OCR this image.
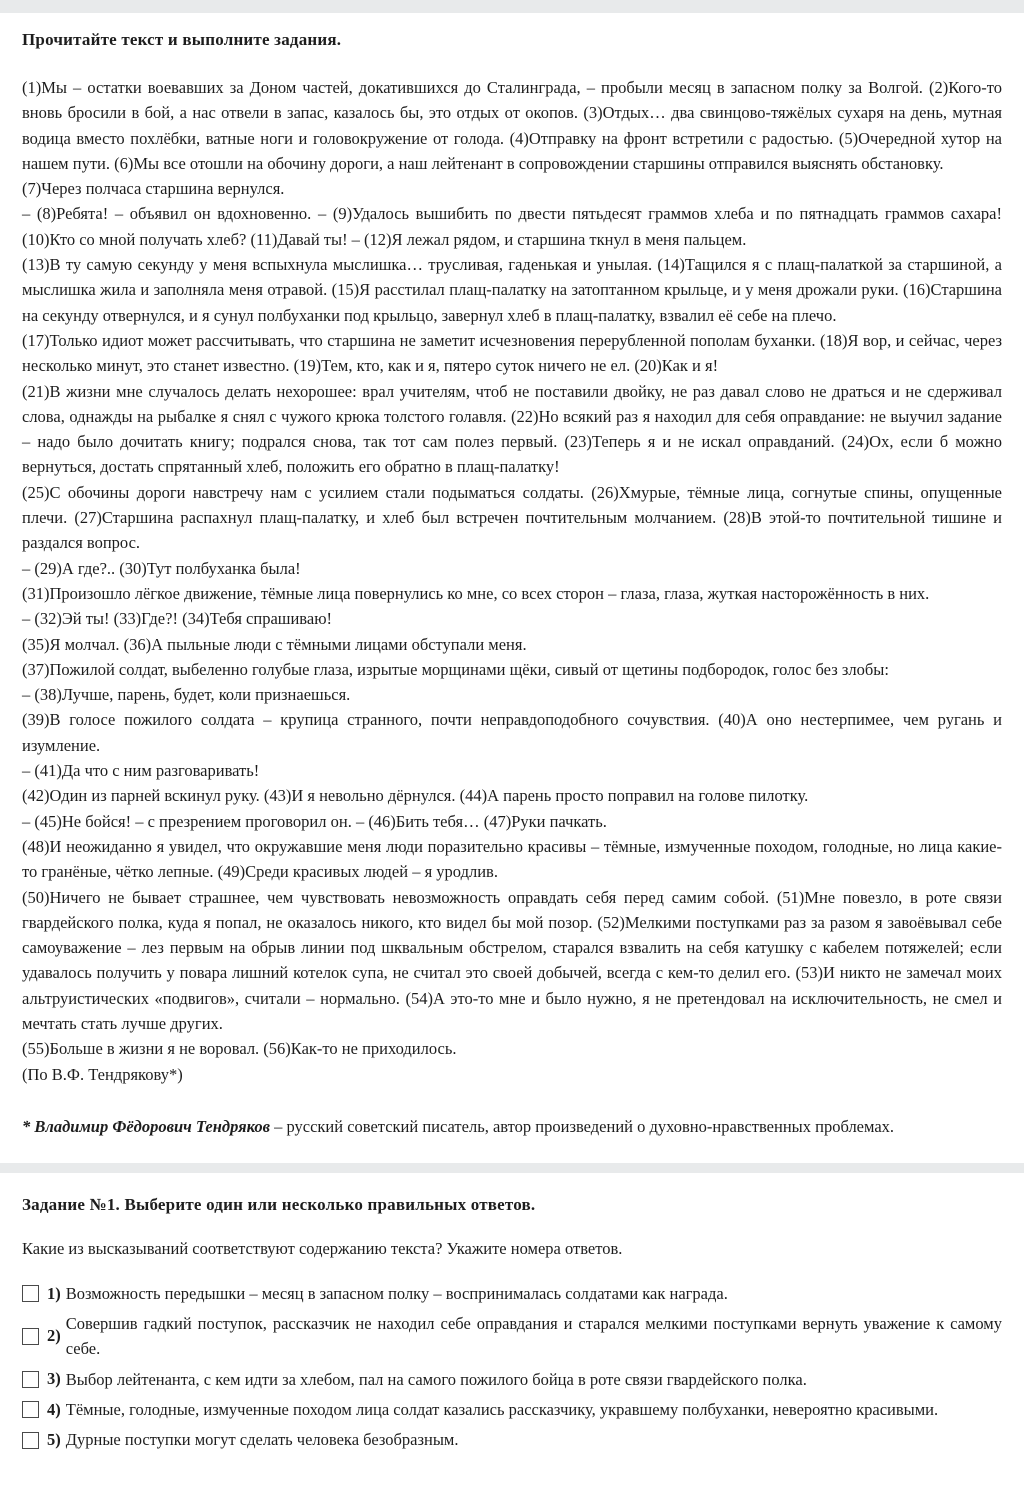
Прочитайте текст и выполните задания.

(1)Мы – остатки воевавших за Доном частей, докатившихся до Сталинграда, – пробыли месяц в запасном полку за Волгой. (2)Кого-то вновь бросили в бой, а нас отвели в запас, казалось бы, это отдых от окопов. (3)Отдых… два свинцово-тяжёлых сухаря на день, мутная водица вместо похлёбки, ватные ноги и головокружение от голода. (4)Отправку на фронт встретили с радостью. (5)Очередной хутор на нашем пути. (6)Мы все отошли на обочину дороги, а наш лейтенант в сопровождении старшины отправился выяснять обстановку.

(7)Через полчаса старшина вернулся.

– (8)Ребята! – объявил он вдохновенно. – (9)Удалось вышибить по двести пятьдесят граммов хлеба и по пятнадцать граммов сахара! (10)Кто со мной получать хлеб? (11)Давай ты! – (12)Я лежал рядом, и старшина ткнул в меня пальцем.

(13)В ту самую секунду у меня вспыхнула мыслишка… трусливая, гаденькая и унылая. (14)Тащился я с плащ-палаткой за старшиной, а мыслишка жила и заполняла меня отравой. (15)Я расстилал плащ-палатку на затоптанном крыльце, и у меня дрожали руки. (16)Старшина на секунду отвернулся, и я сунул полбуханки под крыльцо, завернул хлеб в плащ-палатку, взвалил её себе на плечо.

(17)Только идиот может рассчитывать, что старшина не заметит исчезновения перерубленной пополам буханки. (18)Я вор, и сейчас, через несколько минут, это станет известно. (19)Тем, кто, как и я, пятеро суток ничего не ел. (20)Как и я!

(21)В жизни мне случалось делать нехорошее: врал учителям, чтоб не поставили двойку, не раз давал слово не драться и не сдерживал слова, однажды на рыбалке я снял с чужого крюка толстого голавля. (22)Но всякий раз я находил для себя оправдание: не выучил задание – надо было дочитать книгу; подрался снова, так тот сам полез первый. (23)Теперь я и не искал оправданий. (24)Ох, если б можно вернуться, достать спрятанный хлеб, положить его обратно в плащ-палатку!

(25)С обочины дороги навстречу нам с усилием стали подыматься солдаты. (26)Хмурые, тёмные лица, согнутые спины, опущенные плечи. (27)Старшина распахнул плащ-палатку, и хлеб был встречен почтительным молчанием. (28)В этой-то почтительной тишине и раздался вопрос.

– (29)А где?.. (30)Тут полбуханка была!

(31)Произошло лёгкое движение, тёмные лица повернулись ко мне, со всех сторон – глаза, глаза, жуткая насторожённость в них.

– (32)Эй ты! (33)Где?! (34)Тебя спрашиваю!

(35)Я молчал. (36)А пыльные люди с тёмными лицами обступали меня.

(37)Пожилой солдат, выбеленно голубые глаза, изрытые морщинами щёки, сивый от щетины подбородок, голос без злобы:

– (38)Лучше, парень, будет, коли признаешься.

(39)В голосе пожилого солдата – крупица странного, почти неправдоподобного сочувствия. (40)А оно нестерпимее, чем ругань и изумление.

– (41)Да что с ним разговаривать!

(42)Один из парней вскинул руку. (43)И я невольно дёрнулся. (44)А парень просто поправил на голове пилотку.

– (45)Не бойся! – с презрением проговорил он. – (46)Бить тебя… (47)Руки пачкать.

(48)И неожиданно я увидел, что окружавшие меня люди поразительно красивы – тёмные, измученные походом, голодные, но лица какие-то гранёные, чётко лепные. (49)Среди красивых людей – я уродлив.

(50)Ничего не бывает страшнее, чем чувствовать невозможность оправдать себя перед самим собой. (51)Мне повезло, в роте связи гвардейского полка, куда я попал, не оказалось никого, кто видел бы мой позор. (52)Мелкими поступками раз за разом я завоёвывал себе самоуважение – лез первым на обрыв линии под шквальным обстрелом, старался взвалить на себя катушку с кабелем потяжелей; если удавалось получить у повара лишний котелок супа, не считал это своей добычей, всегда с кем-то делил его. (53)И никто не замечал моих альтруистических «подвигов», считали – нормально. (54)А это-то мне и было нужно, я не претендовал на исключительность, не смел и мечтать стать лучше других.

(55)Больше в жизни я не воровал. (56)Как-то не приходилось.

(По В.Ф. Тендрякову*)

* Владимир Фёдорович Тендряков – русский советский писатель, автор произведений о духовно-нравственных проблемах.

Задание №1. Выберите один или несколько правильных ответов.

Какие из высказываний соответствуют содержанию текста? Укажите номера ответов.

1) Возможность передышки – месяц в запасном полку – воспринималась солдатами как награда.
2)
Совершив гадкий поступок, рассказчик не находил себе оправдания и старался мелкими поступками вернуть уважение к самому себе.
3) Выбор лейтенанта, с кем идти за хлебом, пал на самого пожилого бойца в роте связи гвардейского полка.
4) Тёмные, голодные, измученные походом лица солдат казались рассказчику, укравшему полбуханки, невероятно красивыми.
5) Дурные поступки могут сделать человека безобразным.
